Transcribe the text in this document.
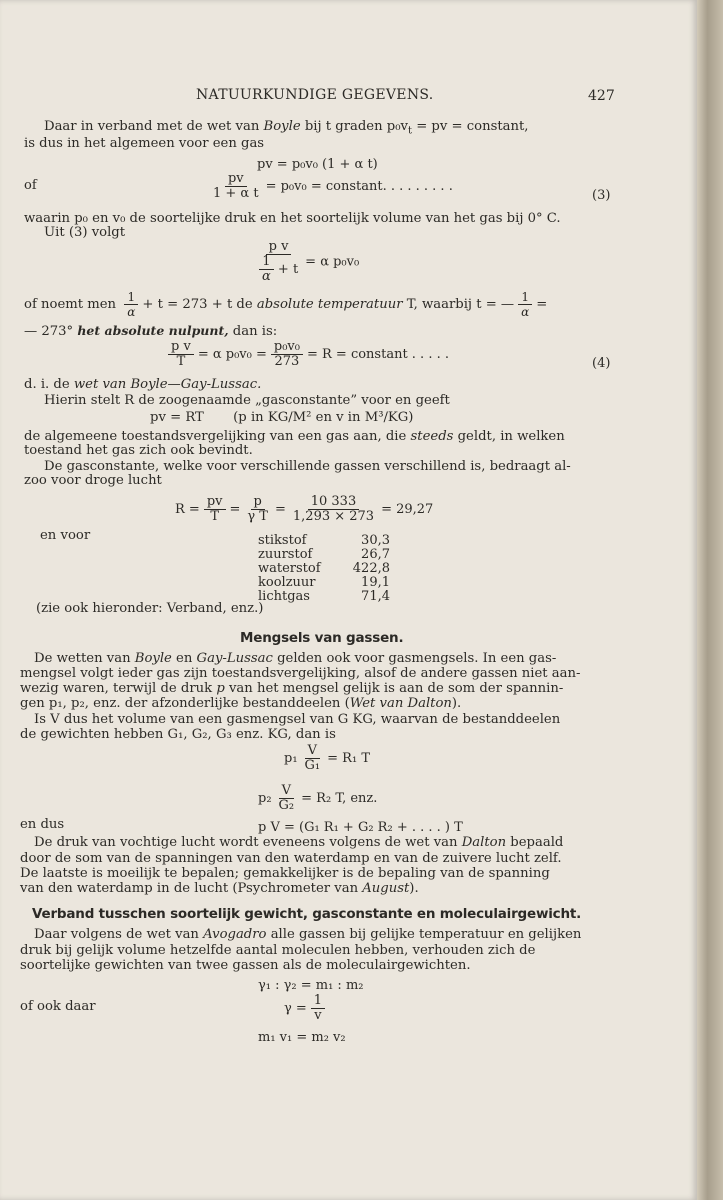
NATUURKUNDIGE GEGEVENS.	427
Daar in verband met de wet van Boyle bij t graden $p_0v_t$ = pv = constant,
is dus in het algemeen voor een gas
pv = p₀v₀ (1 + α t)
of	$\frac{pv}{\text{1 + α t}} = p_0v_0$ = constant. . . . . . . . .
(3)
waarin p₀ en v₀ de soortelijke druk en het soortelijk volume van het gas bij 0° C.
Uit (3) volgt
$\frac{\text{p v}}{\frac{1}{\alpha} + t} = \alpha$ p₀v₀
of noemt men $\frac{1}{\alpha} + t = 273 + t$ de absolute temperatuur T, waarbij t = — $\frac{1}{\alpha}$ =
— 273° het absolute nulpunt, dan is:
$\frac{\text{p v}}{T} = \alpha$ $p_0v_0 = \frac{\text{p₀v₀}}{273} = R$ = constant . . . . .
(4)
d. i. de wet van Boyle—Gay-Lussac.
Hierin stelt R de zoogenaamde „gasconstante” voor en geeft
pv = RT       (p in KG/M² en v in M³/KG)
de algemeene toestandsvergelijking van een gas aan, die steeds geldt, in welken
toestand het gas zich ook bevindt.
De gasconstante, welke voor verschillende gassen verschillend is, bedraagt al-
zoo voor droge lucht
$R = \frac{pv}{T} = \frac{p}{\text{γ T}} = \frac{10 333}{1,293 \times 273} = 29,27$
en voor	stikstof	30,3
zuurstof	26,7
waterstof 422,8
koolzuur	19,1
lichtgas	71,4
(zie ook hieronder: Verband, enz.)
Mengsels van gassen.
De wetten van Boyle en Gay-Lussac gelden ook voor gasmengsels. In een gas-
mengsel volgt ieder gas zijn toestandsvergelijking, alsof de andere gassen niet aan-
wezig waren, terwijl de druk p van het mengsel gelijk is aan de som der spannin-
gen p₁, p₂, enz. der afzonderlijke bestanddeelen (Wet van Dalton).
Is V dus het volume van een gasmengsel van G KG, waarvan de bestanddeelen
de gewichten hebben G₁, G₂, G₃ enz. KG, dan is
$p_1 \frac{V}{\text{G₁}} = R_1$ T
$p_2 \frac{V}{\text{G₂}} = R_2$ T, enz.
en dus	p V = (G₁ R₁ + G₂ R₂ + . . . . ) T
De druk van vochtige lucht wordt eveneens volgens de wet van Dalton bepaald
door de som van de spanningen van den waterdamp en van de zuivere lucht zelf.
De laatste is moeilijk te bepalen; gemakkelijker is de bepaling van de spanning
van den waterdamp in de lucht (Psychrometer van August).
Verband tusschen soortelijk gewicht, gasconstante en moleculairgewicht.
Daar volgens de wet van Avogadro alle gassen bij gelijke temperatuur en gelijken
druk bij gelijk volume hetzelfde aantal moleculen hebben, verhouden zich de
soortelijke gewichten van twee gassen als de moleculairgewichten.
γ₁ : γ₂ = m₁ : m₂
of ook daar	$\gamma = \frac{1}{v}$
m₁ v₁ = m₂ v₂
